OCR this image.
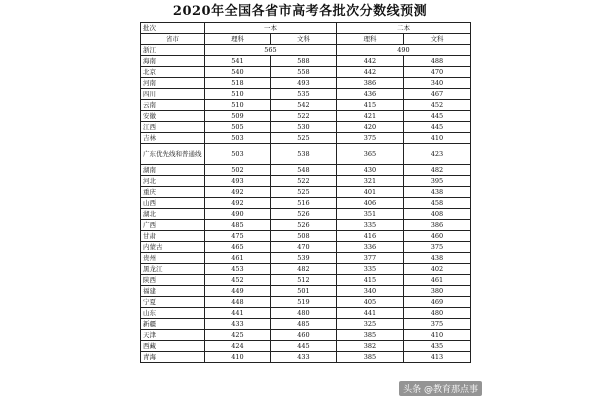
2020年全国各省市高考各批次分数线预测
批次	一本		二本	
省市	理科	文科	理科	文科
浙江	565		490	
海南	541	588	442	488
北京	540	558	442	470
河南	518	493	386	340
四川	510	535	436	467
云南	510	542	415	452
安徽	509	522	421	445
江西	505	530	420	445
吉林	503	525	375	410
广东优先线和普通线	503	538	365	423
湖南	502	548	430	482
河北	493	522	321	395
重庆	492	525	401	438
山西	492	516	406	458
湖北	490	526	351	408
广西	485	526	335	386
甘肃	475	508	416	460
内蒙古	465	470	336	375
贵州	461	539	377	438
黑龙江	453	482	335	402
陕西	452	512	415	461
福建	449	501	340	380
宁夏	448	519	405	469
山东	441	480	441	480
新疆	433	485	325	375
天津	425	460	385	410
西藏	424	445	382	435
青海	410	433	385	413
头条 @教育那点事
